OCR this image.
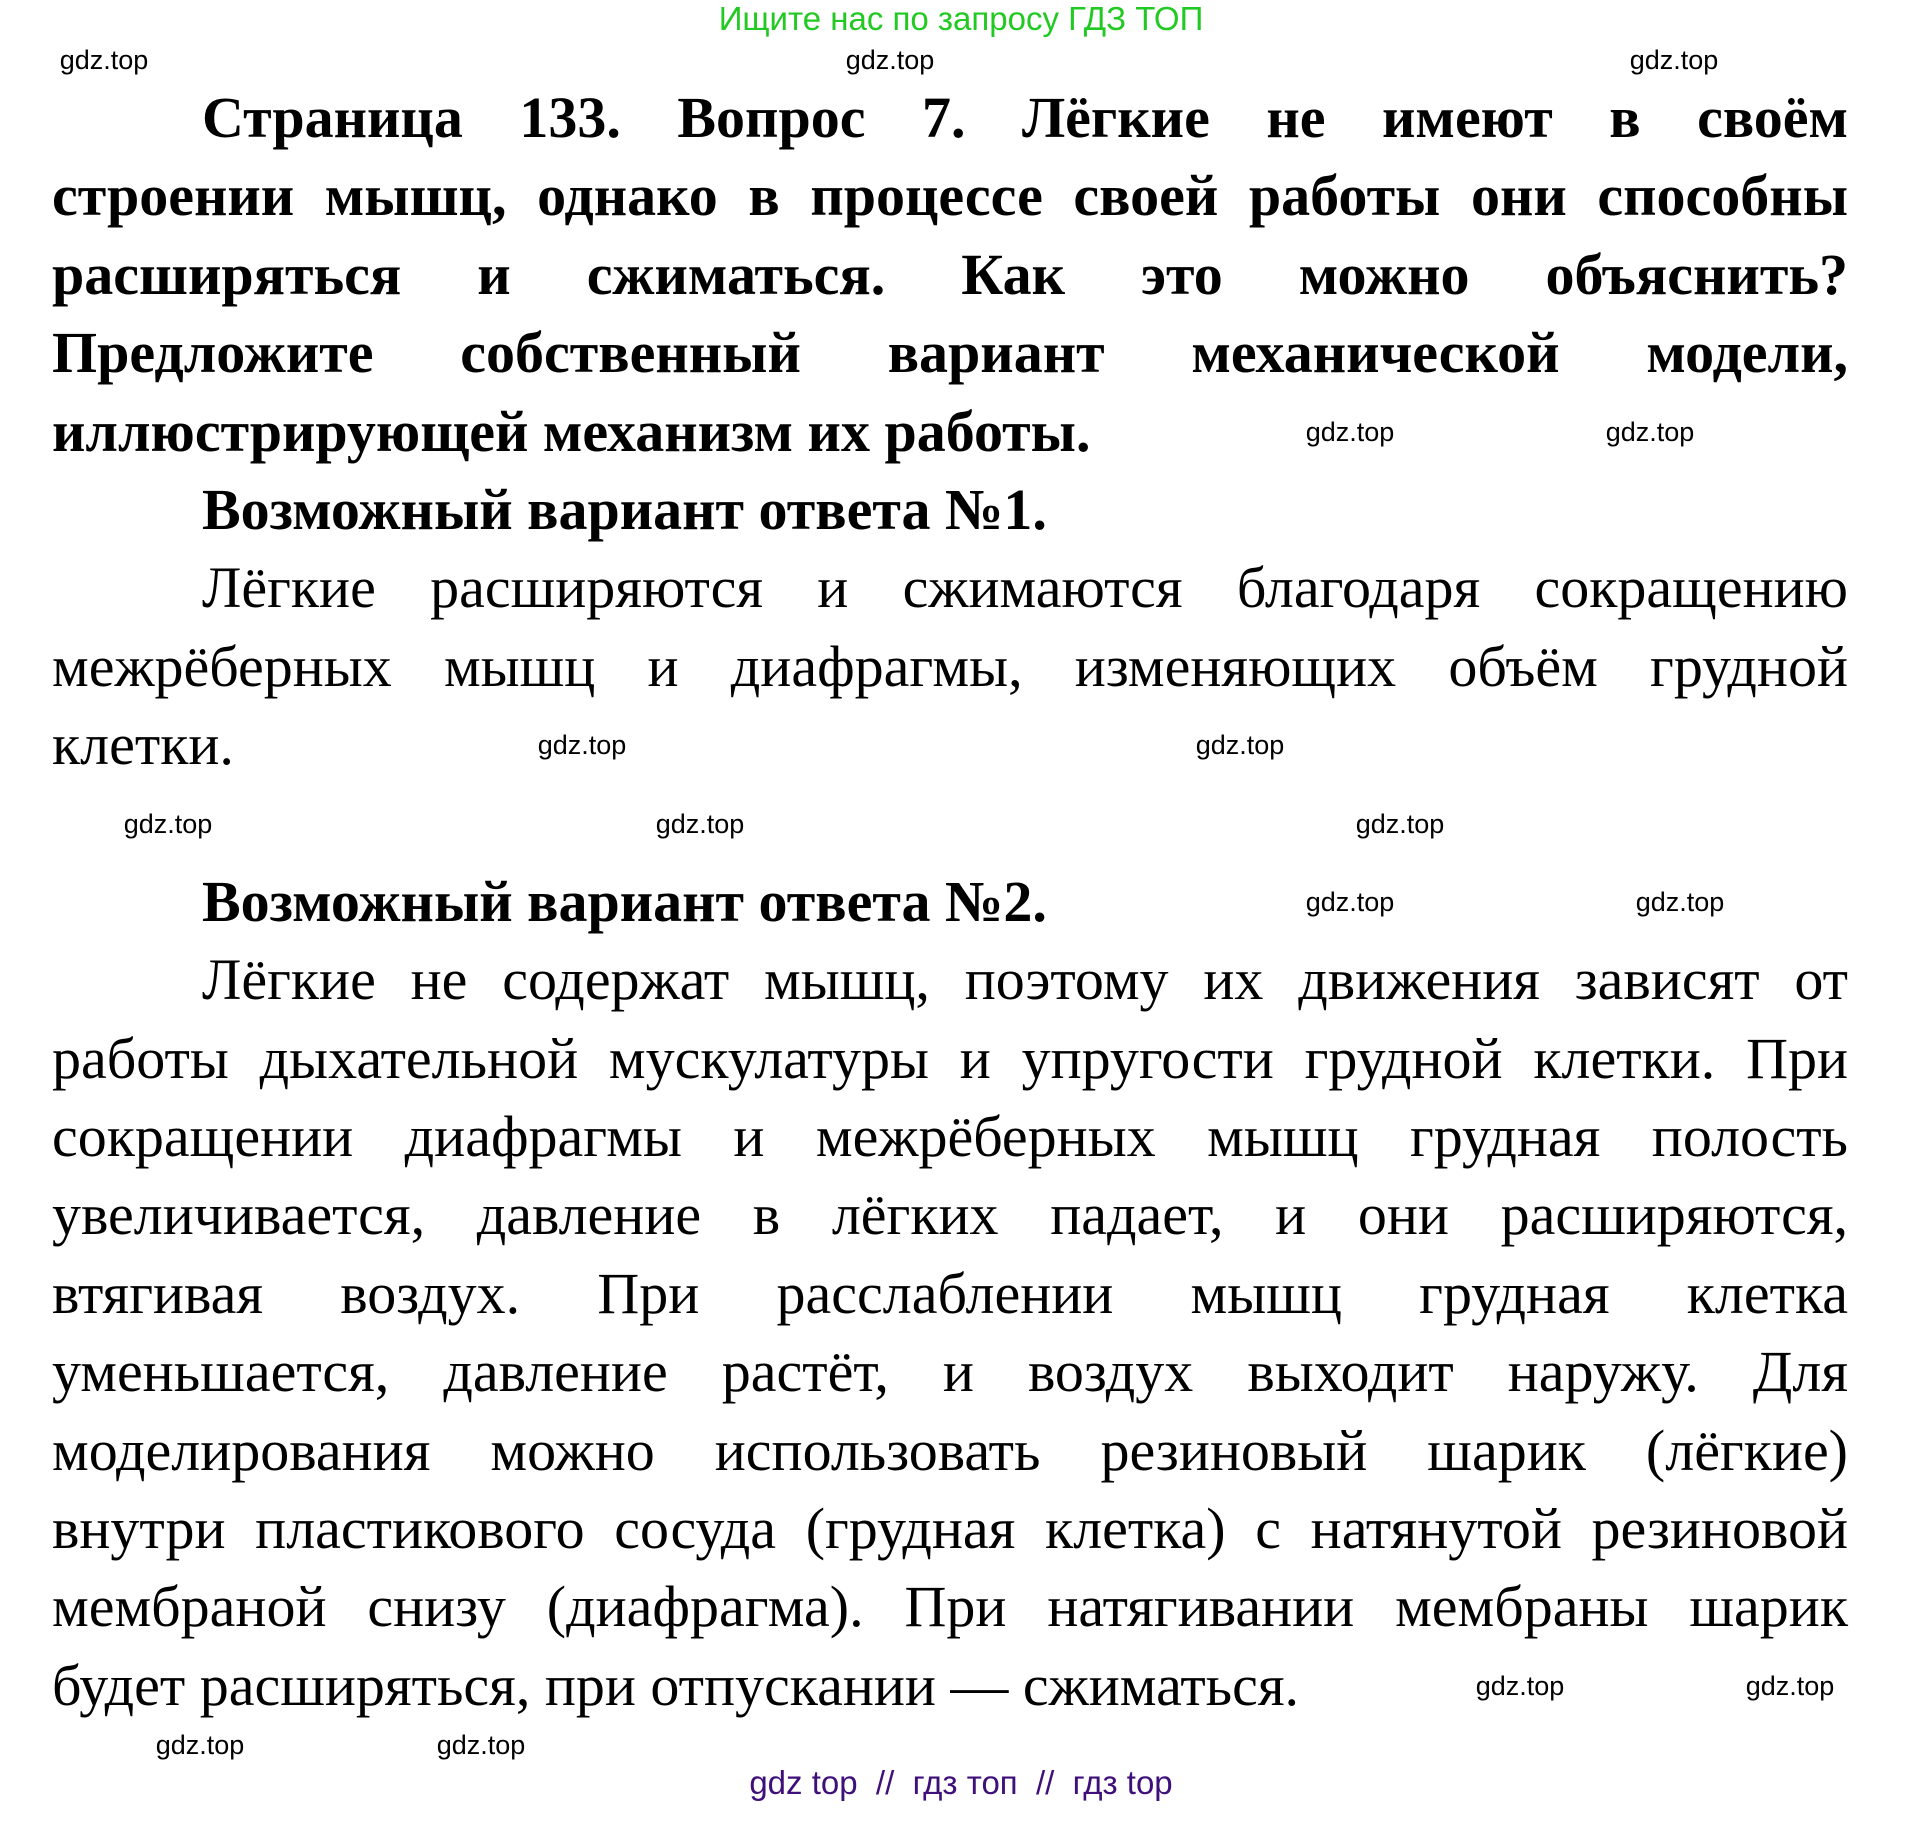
Ищите нас по запросу ГДЗ ТОП
Страница 133. Вопрос 7. Лёгкие не имеют в своём
строении мышц, однако в процессе своей работы они способны
расширяться и сжиматься. Как это можно объяснить?
Предложите собственный вариант механической модели,
иллюстрирующей механизм их работы.
Возможный вариант ответа №1.
Лёгкие расширяются и сжимаются благодаря сокращению
межрёберных мышц и диафрагмы, изменяющих объём грудной
клетки.
Возможный вариант ответа №2.
Лёгкие не содержат мышц, поэтому их движения зависят от
работы дыхательной мускулатуры и упругости грудной клетки. При
сокращении диафрагмы и межрёберных мышц грудная полость
увеличивается, давление в лёгких падает, и они расширяются,
втягивая воздух. При расслаблении мышц грудная клетка
уменьшается, давление растёт, и воздух выходит наружу. Для
моделирования можно использовать резиновый шарик (лёгкие)
внутри пластикового сосуда (грудная клетка) с натянутой резиновой
мембраной снизу (диафрагма). При натягивании мембраны шарик
будет расширяться, при отпускании — сжиматься.
gdz.top
gdz.top	gdz.top
gdz.top	gdz.top
gdz.top
gdz.top
gdz.top
gdz.top
gdz.top	gdz.top
gdz.top
gdz.top
gdz.top	gdz.top
gdz.top
gdz top  //  гдз топ  //  гдз top
